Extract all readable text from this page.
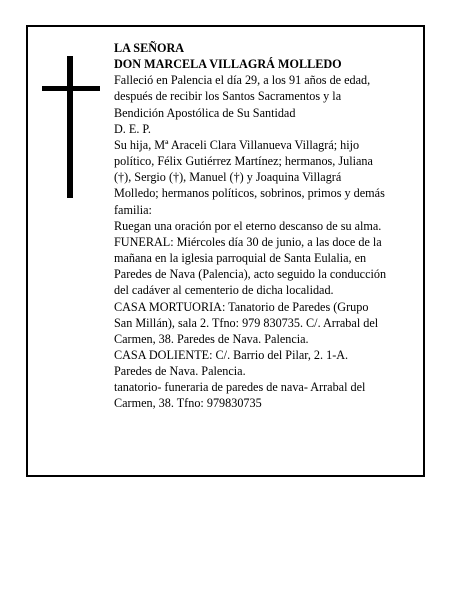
LA SEÑORA
DON MARCELA VILLAGRÁ MOLLEDO
Falleció en Palencia el día 29, a los 91 años de edad,
después de recibir los Santos Sacramentos y la
Bendición Apostólica de Su Santidad
D. E. P.
Su hija, Mª Araceli Clara Villanueva Villagrá; hijo
político, Félix Gutiérrez Martínez; hermanos, Juliana
(†), Sergio (†), Manuel (†) y Joaquina Villagrá
Molledo; hermanos políticos, sobrinos, primos y demás
familia:
Ruegan una oración por el eterno descanso de su alma.
FUNERAL: Miércoles día 30 de junio, a las doce de la
mañana en la iglesia parroquial de Santa Eulalia, en
Paredes de Nava (Palencia), acto seguido la conducción
del cadáver al cementerio de dicha localidad.
CASA MORTUORIA: Tanatorio de Paredes (Grupo
San Millán), sala 2. Tfno: 979 830735. C/. Arrabal del
Carmen, 38. Paredes de Nava. Palencia.
CASA DOLIENTE: C/. Barrio del Pilar, 2. 1-A.
Paredes de Nava. Palencia.
tanatorio- funeraria de paredes de nava- Arrabal del
Carmen, 38. Tfno: 979830735
